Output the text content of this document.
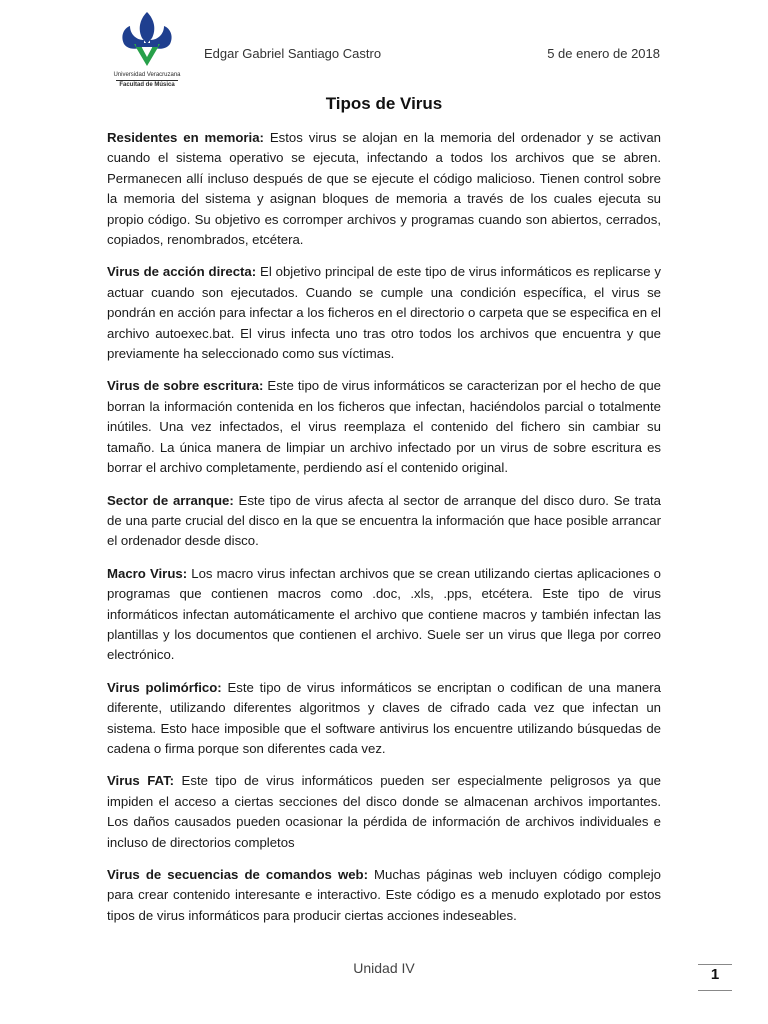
Universidad Veracruzana
Facultad de Música
Edgar Gabriel Santiago Castro	5 de enero de 2018
Tipos de Virus

Residentes en memoria: Estos virus se alojan en la memoria del ordenador y se activan cuando el sistema operativo se ejecuta, infectando a todos los archivos que se abren. Permanecen allí incluso después de que se ejecute el código malicioso. Tienen control sobre la memoria del sistema y asignan bloques de memoria a través de los cuales ejecuta su propio código. Su objetivo es corromper archivos y programas cuando son abiertos, cerrados, copiados, renombrados, etcétera.

Virus de acción directa: El objetivo principal de este tipo de virus informáticos es replicarse y actuar cuando son ejecutados. Cuando se cumple una condición específica, el virus se pondrán en acción para infectar a los ficheros en el directorio o carpeta que se especifica en el archivo autoexec.bat. El virus infecta uno tras otro todos los archivos que encuentra y que previamente ha seleccionado como sus víctimas.

Virus de sobre escritura: Este tipo de virus informáticos se caracterizan por el hecho de que borran la información contenida en los ficheros que infectan, haciéndolos parcial o totalmente inútiles. Una vez infectados, el virus reemplaza el contenido del fichero sin cambiar su tamaño. La única manera de limpiar un archivo infectado por un virus de sobre escritura es borrar el archivo completamente, perdiendo así el contenido original.

Sector de arranque: Este tipo de virus afecta al sector de arranque del disco duro. Se trata de una parte crucial del disco en la que se encuentra la información que hace posible arrancar el ordenador desde disco.

Macro Virus: Los macro virus infectan archivos que se crean utilizando ciertas aplicaciones o programas que contienen macros como .doc, .xls, .pps, etcétera. Este tipo de virus informáticos infectan automáticamente el archivo que contiene macros y también infectan las plantillas y los documentos que contienen el archivo. Suele ser un virus que llega por correo electrónico.

Virus polimórfico: Este tipo de virus informáticos se encriptan o codifican de una manera diferente, utilizando diferentes algoritmos y claves de cifrado cada vez que infectan un sistema. Esto hace imposible que el software antivirus los encuentre utilizando búsquedas de cadena o firma porque son diferentes cada vez.

Virus FAT: Este tipo de virus informáticos pueden ser especialmente peligrosos ya que impiden el acceso a ciertas secciones del disco donde se almacenan archivos importantes. Los daños causados pueden ocasionar la pérdida de información de archivos individuales e incluso de directorios completos

Virus de secuencias de comandos web: Muchas páginas web incluyen código complejo para crear contenido interesante e interactivo. Este código es a menudo explotado por estos tipos de virus informáticos para producir ciertas acciones indeseables.

Unidad IV	1
